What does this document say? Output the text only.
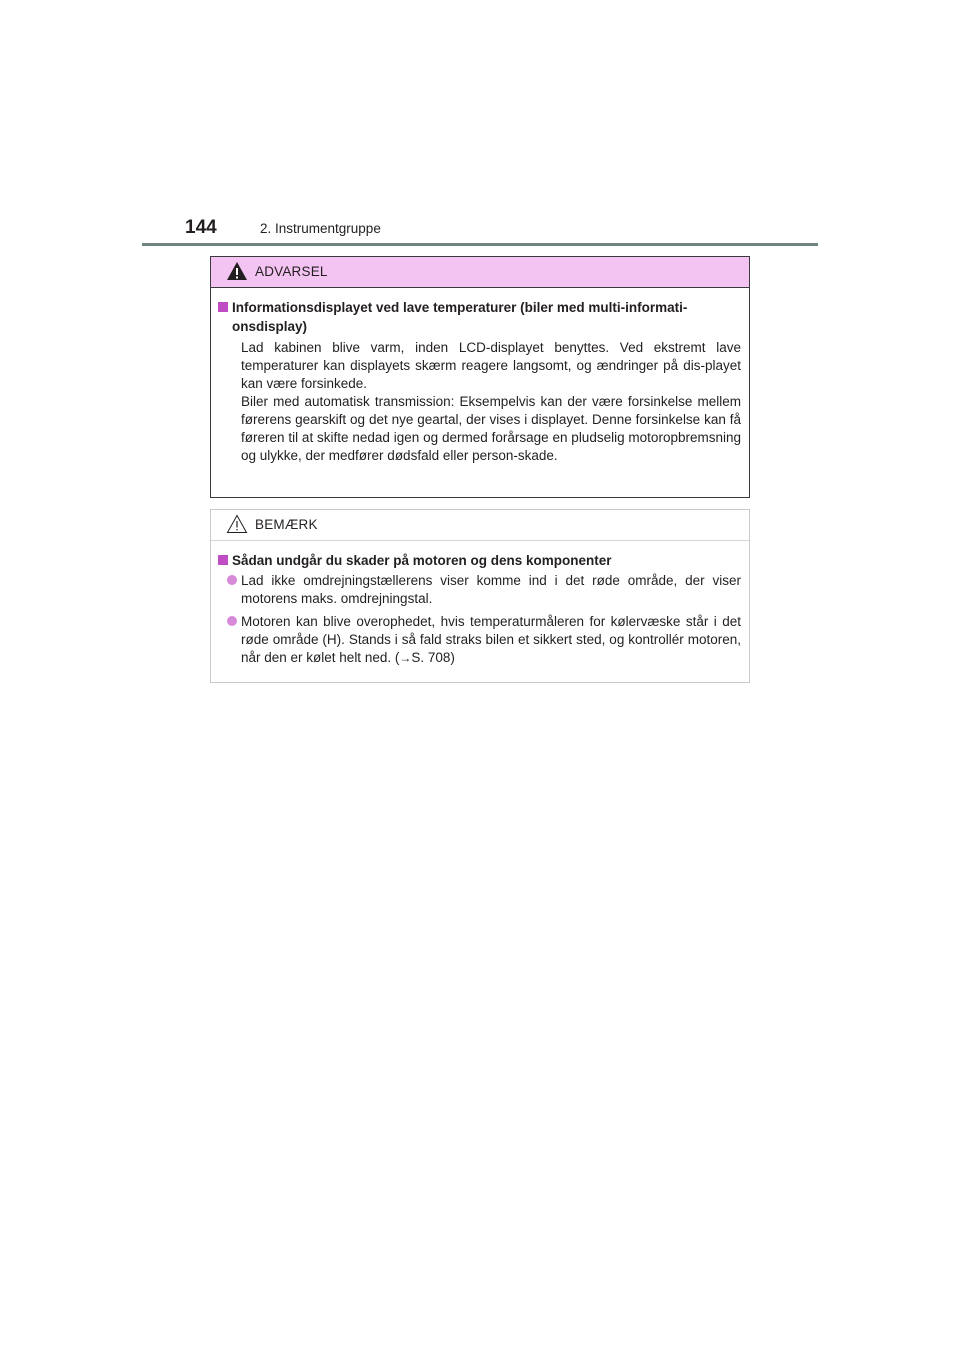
144	2. Instrumentgruppe
ADVARSEL
Informationsdisplayet ved lave temperaturer (biler med multi-informati-
onsdisplay)
Lad kabinen blive varm, inden LCD-displayet benyttes. Ved ekstremt lave temperaturer kan displayets skærm reagere langsomt, og ændringer på dis-playet kan være forsinkede.
Biler med automatisk transmission: Eksempelvis kan der være forsinkelse mellem førerens gearskift og det nye geartal, der vises i displayet. Denne forsinkelse kan få føreren til at skifte nedad igen og dermed forårsage en pludselig motoropbremsning og ulykke, der medfører dødsfald eller person-skade.
BEMÆRK
Sådan undgår du skader på motoren og dens komponenter
Lad ikke omdrejningstællerens viser komme ind i det røde område, der viser motorens maks. omdrejningstal.
Motoren kan blive overophedet, hvis temperaturmåleren for kølervæske står i det røde område (H). Stands i så fald straks bilen et sikkert sted, og kontrollér motoren, når den er kølet helt ned. (→S. 708)
